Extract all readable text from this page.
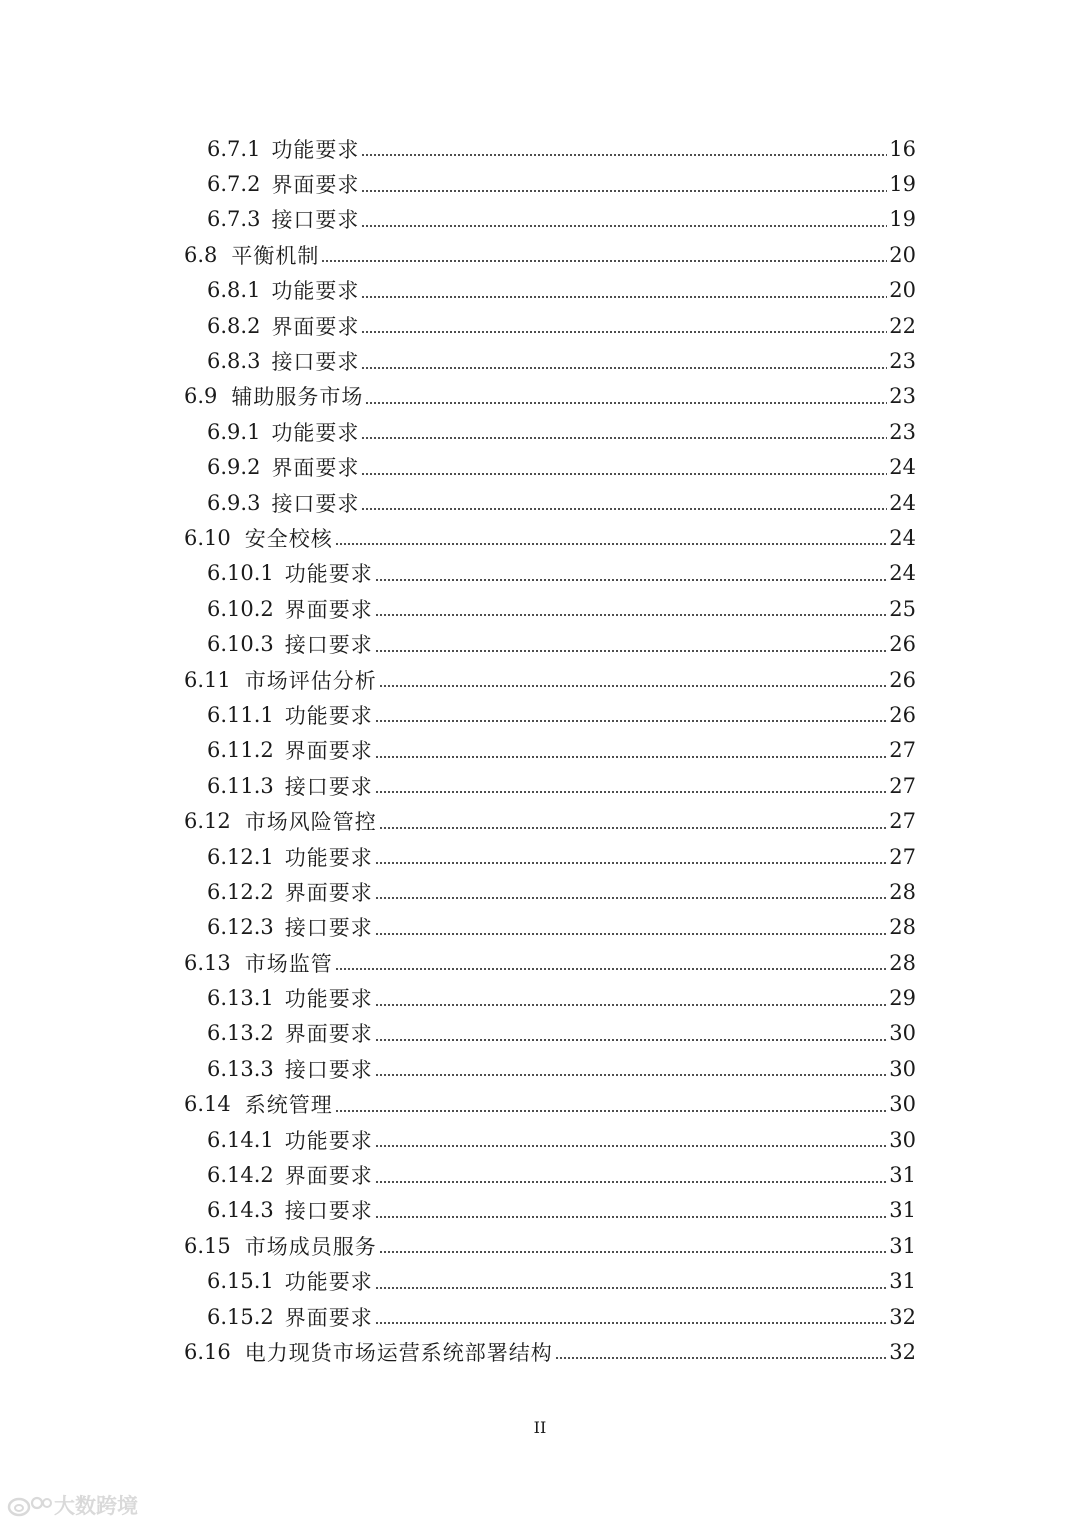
6.7.1 功能要求	16
6.7.2 界面要求	19
6.7.3 接口要求	19
6.8 平衡机制	20
6.8.1 功能要求	20
6.8.2 界面要求	22
6.8.3 接口要求	23
6.9 辅助服务市场	23
6.9.1 功能要求	23
6.9.2 界面要求	24
6.9.3 接口要求	24
6.10 安全校核	24
6.10.1 功能要求	24
6.10.2 界面要求	25
6.10.3 接口要求	26
6.11 市场评估分析	26
6.11.1 功能要求	26
6.11.2 界面要求	27
6.11.3 接口要求	27
6.12 市场风险管控	27
6.12.1 功能要求	27
6.12.2 界面要求	28
6.12.3 接口要求	28
6.13 市场监管	28
6.13.1 功能要求	29
6.13.2 界面要求	30
6.13.3 接口要求	30
6.14 系统管理	30
6.14.1 功能要求	30
6.14.2 界面要求	31
6.14.3 接口要求	31
6.15 市场成员服务	31
6.15.1 功能要求	31
6.15.2 界面要求	32
6.16 电力现货市场运营系统部署结构	32
II
大数跨境
